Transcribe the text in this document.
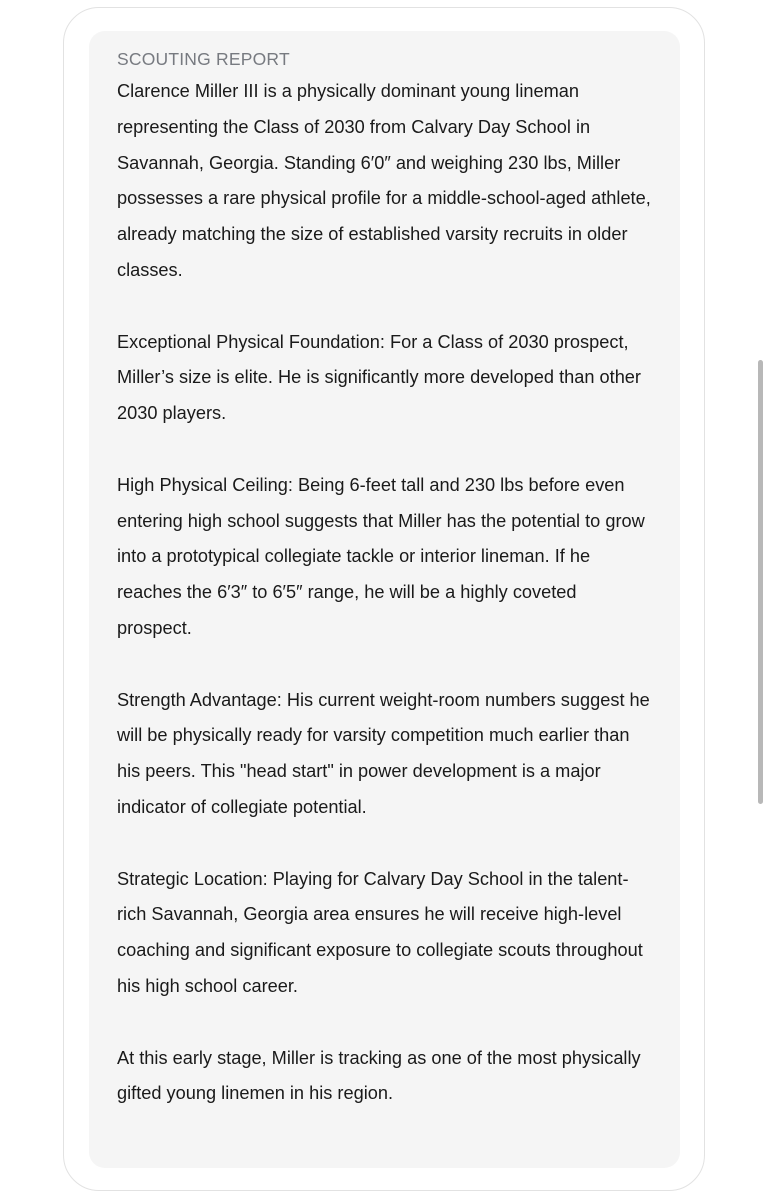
SCOUTING REPORT

Clarence Miller III is a physically dominant young lineman representing the Class of 2030 from Calvary Day School in Savannah, Georgia. Standing 6′0″ and weighing 230 lbs, Miller possesses a rare physical profile for a middle-school-aged athlete, already matching the size of established varsity recruits in older classes.

Exceptional Physical Foundation: For a Class of 2030 prospect, Miller’s size is elite. He is significantly more developed than other 2030 players.

High Physical Ceiling: Being 6-feet tall and 230 lbs before even entering high school suggests that Miller has the potential to grow into a prototypical collegiate tackle or interior lineman. If he reaches the 6′3″ to 6′5″ range, he will be a highly coveted prospect.

Strength Advantage: His current weight-room numbers suggest he will be physically ready for varsity competition much earlier than his peers. This "head start" in power development is a major indicator of collegiate potential.

Strategic Location: Playing for Calvary Day School in the talent-rich Savannah, Georgia area ensures he will receive high-level coaching and significant exposure to collegiate scouts throughout his high school career.

At this early stage, Miller is tracking as one of the most physically gifted young linemen in his region.
